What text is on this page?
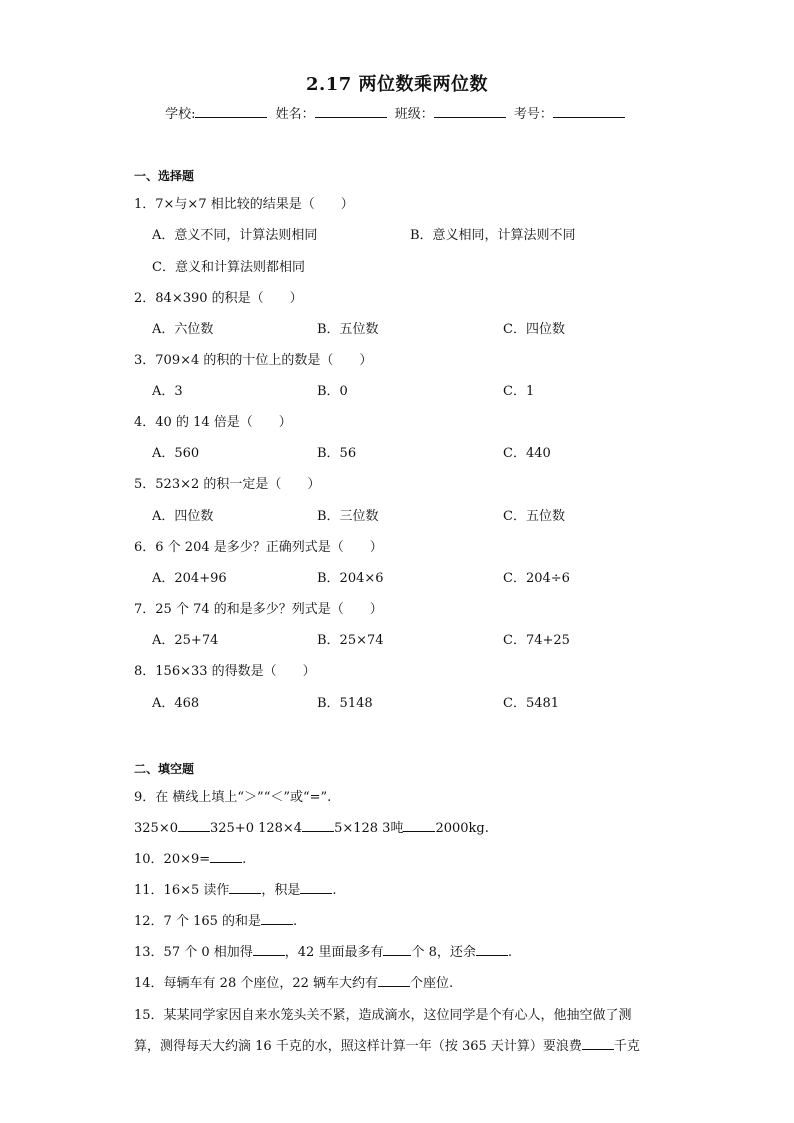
2.17 两位数乘两位数
学校:	姓名：	班级：	考号：
一、选择题
1．7×与×7 相比较的结果是（　　）
A．意义不同，计算法则相同	B．意义相同，计算法则不同
C．意义和计算法则都相同
2．84×390 的积是（　　）
A．六位数	B．五位数	C．四位数
3．709×4 的积的十位上的数是（　　）
A．3	B．0	C．1
4．40 的 14 倍是（　　）
A．560	B．56	C．440
5．523×2 的积一定是（　　）
A．四位数	B．三位数	C．五位数
6．6 个 204 是多少？正确列式是（　　）
A．204+96	B．204×6	C．204÷6
7．25 个 74 的和是多少？列式是（　　）
A．25+74	B．25×74	C．74+25
8．156×33 的得数是（　　）
A．468	B．5148	C．5481
二、填空题
9．在 横线上填上“＞”“＜”或“=”.
325×0 325+0 128×4 5×128 3吨 2000kg.
10．20×9= .
11．16×5 读作 ，积是 .
12．7 个 165 的和是 .
13．57 个 0 相加得 ，42 里面最多有 个 8，还余 .
14．每辆车有 28 个座位，22 辆车大约有 个座位.
15．某某同学家因自来水笼头关不紧，造成滴水，这位同学是个有心人，他抽空做了测
算，测得每天大约滴 16 千克的水，照这样计算一年（按 365 天计算）要浪费 千克
